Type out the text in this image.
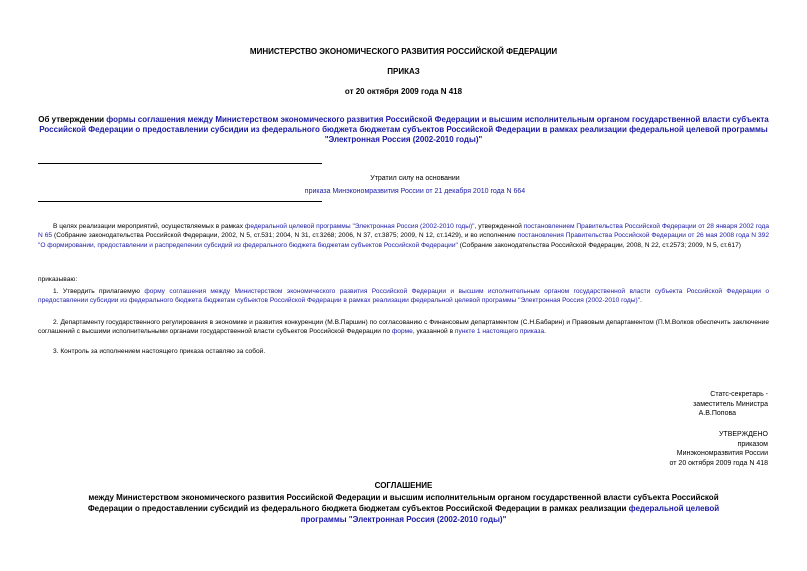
МИНИСТЕРСТВО ЭКОНОМИЧЕСКОГО РАЗВИТИЯ РОССИЙСКОЙ ФЕДЕРАЦИИ
ПРИКАЗ
от 20 октября 2009 года N 418
Об утверждении формы соглашения между Министерством экономического развития Российской Федерации и высшим исполнительным органом государственной власти субъекта Российской Федерации о предоставлении субсидии из федерального бюджета бюджетам субъектов Российской Федерации в рамках реализации федеральной целевой программы "Электронная Россия (2002-2010 годы)"
Утратил силу на основании
приказа Минэкономразвития России от 21 декабря 2010 года N 664
В целях реализации мероприятий, осуществляемых в рамках федеральной целевой программы "Электронная Россия (2002-2010 годы)", утвержденной постановлением Правительства Российской Федерации от 28 января 2002 года N 65 (Собрание законодательства Российской Федерации, 2002, N 5, ст.531; 2004, N 31, ст.3268; 2006, N 37, ст.3875; 2009, N 12, ст.1429), и во исполнение постановления Правительства Российской Федерации от 26 мая 2008 года N 392 "О формировании, предоставлении и распределении субсидий из федерального бюджета бюджетам субъектов Российской Федерации" (Собрание законодательства Российской Федерации, 2008, N 22, ст.2573; 2009, N 5, ст.617)
приказываю:
1. Утвердить прилагаемую форму соглашения между Министерством экономического развития Российской Федерации и высшим исполнительным органом государственной власти субъекта Российской Федерации о предоставлении субсидии из федерального бюджета бюджетам субъектов Российской Федерации в рамках реализации федеральной целевой программы "Электронная Россия (2002-2010 годы)".
2. Департаменту государственного регулирования в экономике и развития конкуренции (М.В.Паршин) по согласованию с Финансовым департаментом (С.Н.Бабарин) и Правовым департаментом (П.М.Волков обеспечить заключение соглашений с высшими исполнительными органами государственной власти субъектов Российской Федерации по форме, указанной в пункте 1 настоящего приказа.
3. Контроль за исполнением настоящего приказа оставляю за собой.
Статс-секретарь -
заместитель Министра
А.В.Попова
УТВЕРЖДЕНО
приказом
Минэкономразвития России
от 20 октября 2009 года N 418
СОГЛАШЕНИЕ
между Министерством экономического развития Российской Федерации и высшим исполнительным органом государственной власти субъекта Российской
Федерации о предоставлении субсидий из федерального бюджета бюджетам субъектов Российской Федерации в рамках реализации федеральной целевой
программы "Электронная Россия (2002-2010 годы)"
